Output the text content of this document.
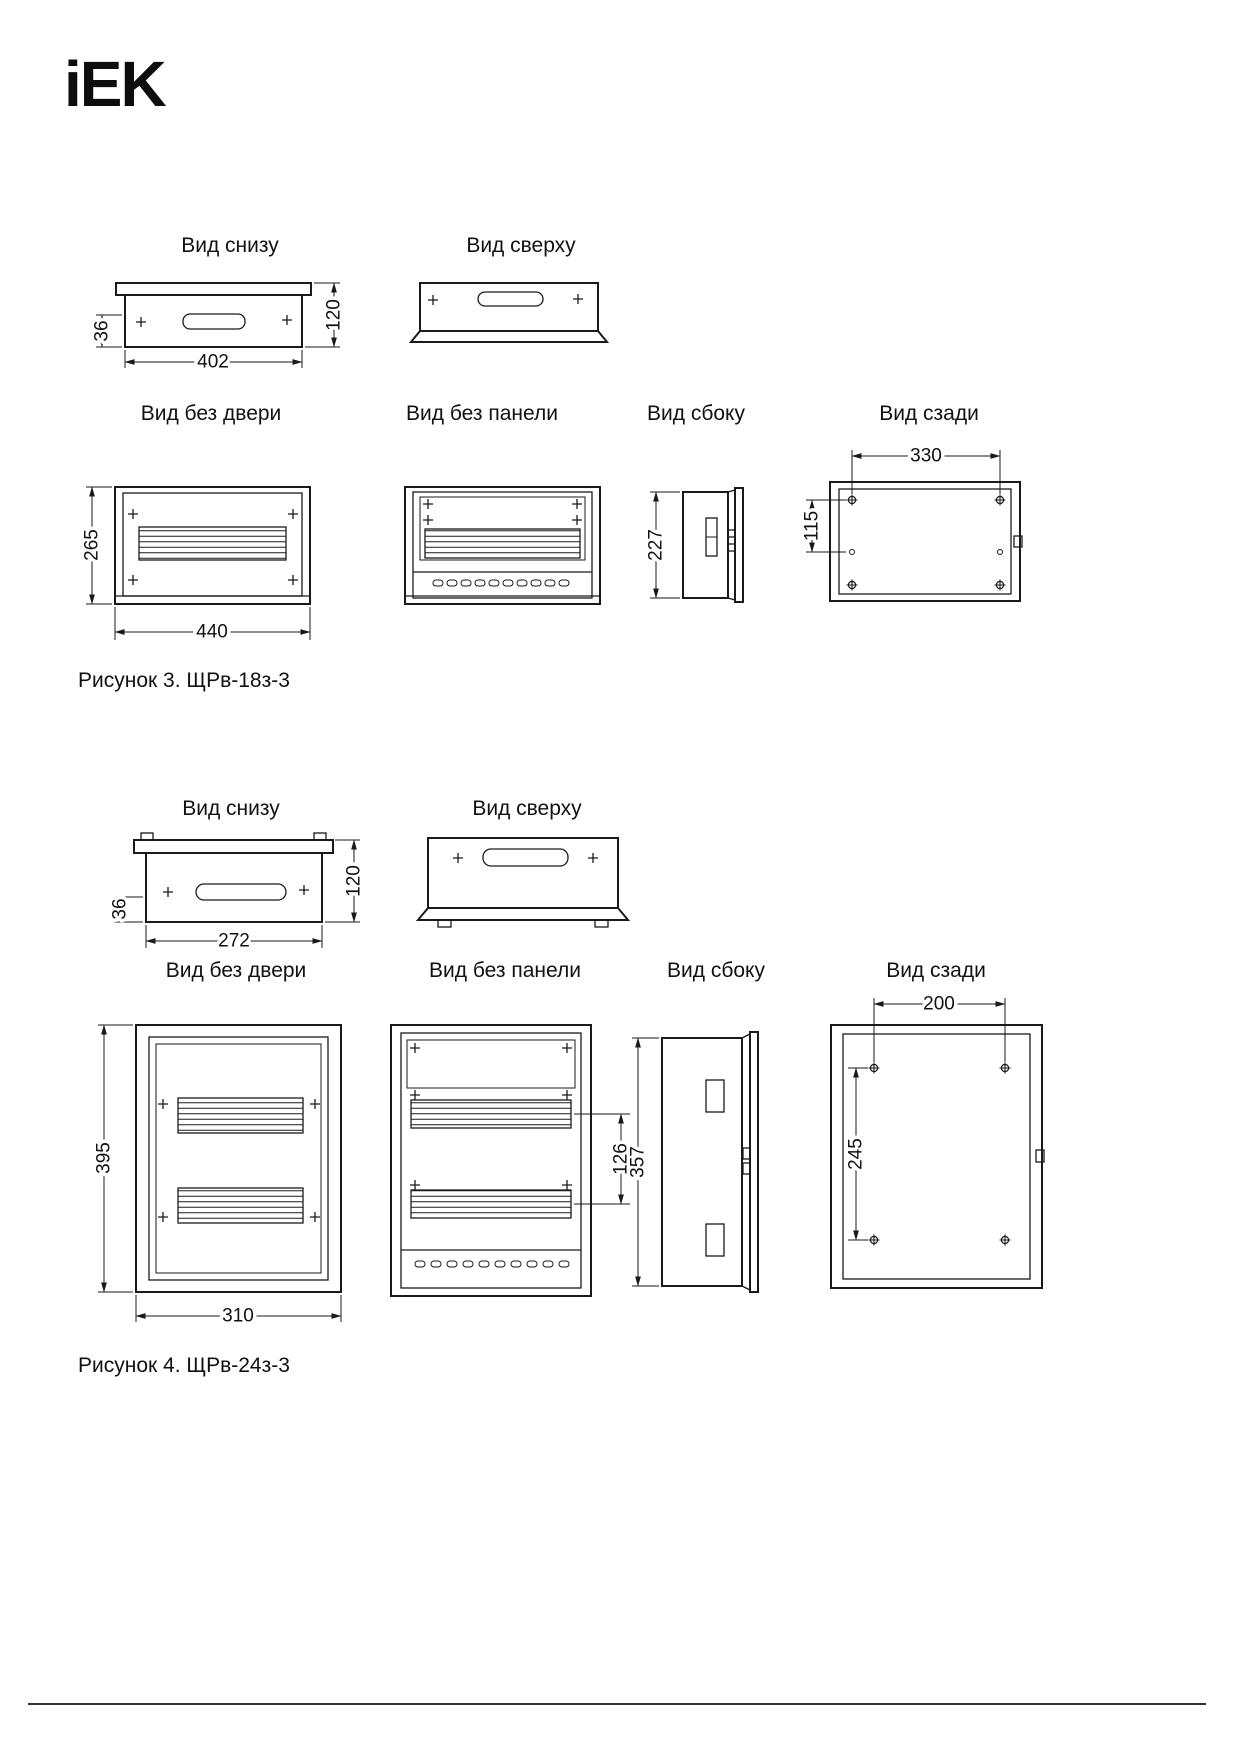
iEK
Вид снизу	Вид сверху
402
36
120
Вид без двери	Вид без панели	Вид сбоку	Вид сзади
265
440
227
330
115
Рисунок 3. ЩРв-18з-3
Вид снизу	Вид сверху
36
272
120
Вид без двери	Вид без панели	Вид сбоку	Вид сзади
395
310
126
357
200
245
Рисунок 4. ЩРв-24з-3
